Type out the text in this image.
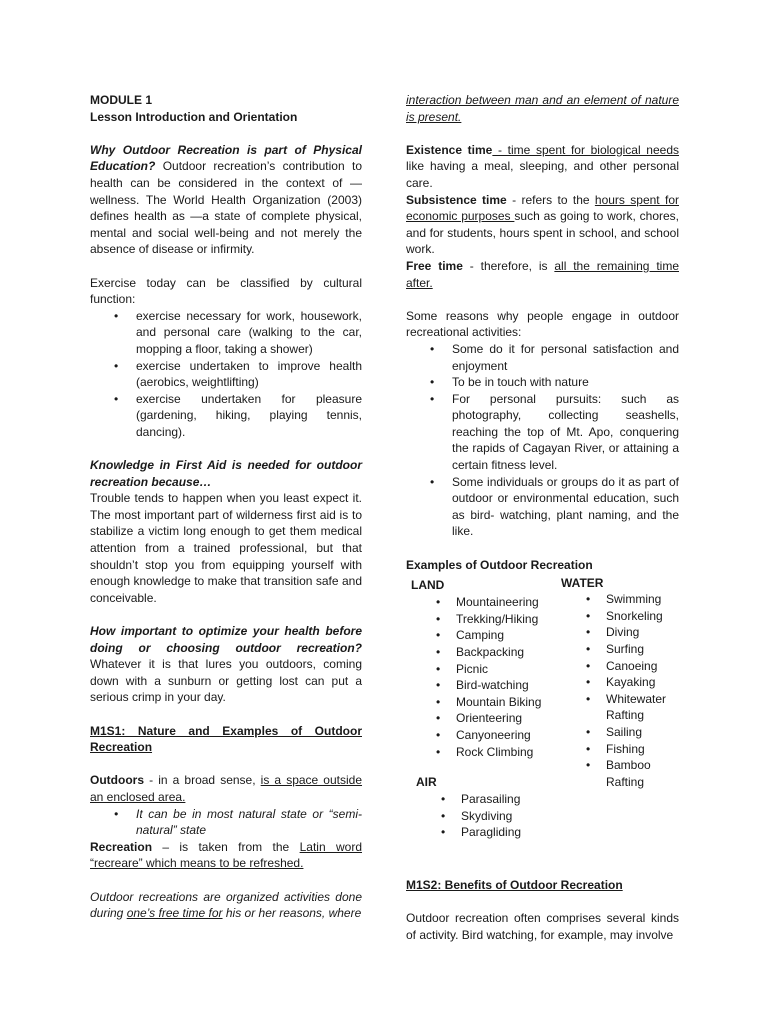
MODULE 1

Lesson Introduction and Orientation

Why Outdoor Recreation is part of Physical Education? Outdoor recreation’s contribution to health can be considered in the context of —wellness. The World Health Organization (2003) defines health as —a state of complete physical, mental and social well-being and not merely the absence of disease or infirmity.

Exercise today can be classified by cultural function:

• exercise necessary for work, housework, and personal care (walking to the car, mopping a floor, taking a shower)
• exercise undertaken to improve health (aerobics, weightlifting)
• exercise undertaken for pleasure (gardening, hiking, playing tennis, dancing).

Knowledge in First Aid is needed for outdoor recreation because…

Trouble tends to happen when you least expect it. The most important part of wilderness first aid is to stabilize a victim long enough to get them medical attention from a trained professional, but that shouldn’t stop you from equipping yourself with enough knowledge to make that transition safe and conceivable.

How important to optimize your health before doing or choosing outdoor recreation? Whatever it is that lures you outdoors, coming down with a sunburn or getting lost can put a serious crimp in your day.

M1S1: Nature and Examples of Outdoor Recreation

Outdoors - in a broad sense, is a space outside an enclosed area.

• It can be in most natural state or “semi-natural” state

Recreation – is taken from the Latin word “recreare” which means to be refreshed.

Outdoor recreations are organized activities done during one’s free time for his or her reasons, where

interaction between man and an element of nature is present.

Existence time - time spent for biological needs like having a meal, sleeping, and other personal care.

Subsistence time - refers to the hours spent for economic purposes such as going to work, chores, and for students, hours spent in school, and school work.

Free time - therefore, is all the remaining time after.

Some reasons why people engage in outdoor recreational activities:

• Some do it for personal satisfaction and enjoyment
• To be in touch with nature
• For personal pursuits: such as photography, collecting seashells, reaching the top of Mt. Apo, conquering the rapids of Cagayan River, or attaining a certain fitness level.
• Some individuals or groups do it as part of outdoor or environmental education, such as bird- watching, plant naming, and the like.

Examples of Outdoor Recreation

LAND
• Mountaineering
• Trekking/Hiking
• Camping
• Backpacking
• Picnic
• Bird-watching
• Mountain Biking
• Orienteering
• Canyoneering
• Rock Climbing
WATER
• Swimming
• Snorkeling
• Diving
• Surfing
• Canoeing
• Kayaking
• Whitewater Rafting
• Sailing
• Fishing
• Bamboo Rafting
AIR
• Parasailing
• Skydiving
• Paragliding

M1S2: Benefits of Outdoor Recreation

Outdoor recreation often comprises several kinds of activity. Bird watching, for example, may involve
